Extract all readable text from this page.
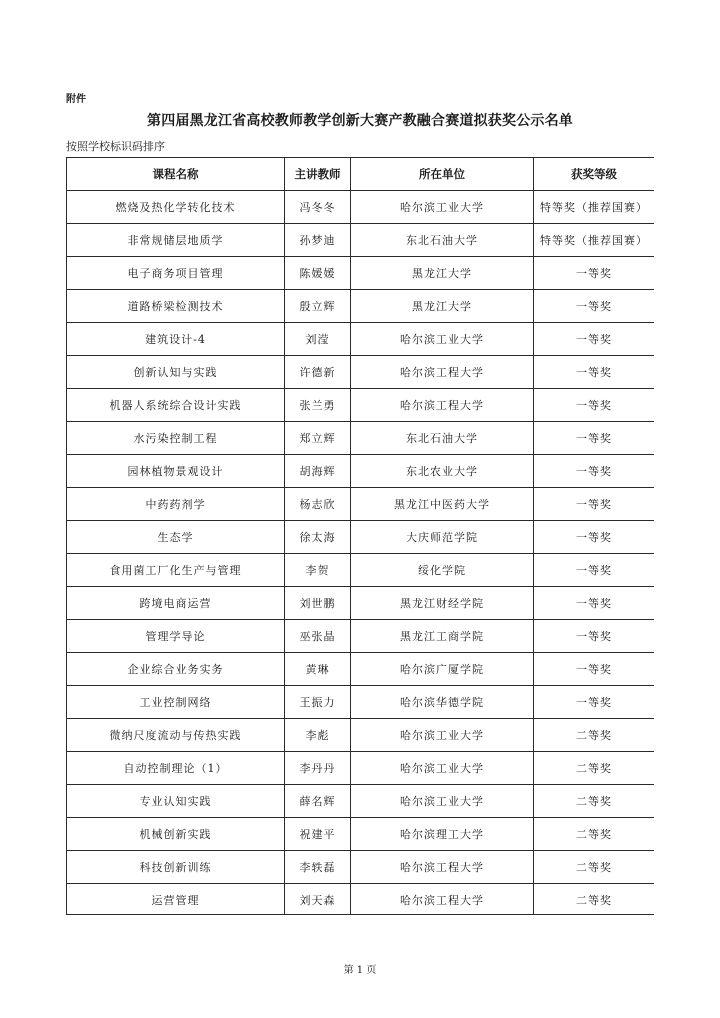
附件
第四届黑龙江省高校教师教学创新大赛产教融合赛道拟获奖公示名单
按照学校标识码排序
课程名称	主讲教师	所在单位	获奖等级
燃烧及热化学转化技术	冯冬冬	哈尔滨工业大学	特等奖（推荐国赛）
非常规储层地质学	孙梦迪	东北石油大学	特等奖（推荐国赛）
电子商务项目管理	陈媛媛	黑龙江大学	一等奖
道路桥梁检测技术	殷立辉	黑龙江大学	一等奖
建筑设计-4	刘滢	哈尔滨工业大学	一等奖
创新认知与实践	许德新	哈尔滨工程大学	一等奖
机器人系统综合设计实践	张兰勇	哈尔滨工程大学	一等奖
水污染控制工程	郑立辉	东北石油大学	一等奖
园林植物景观设计	胡海辉	东北农业大学	一等奖
中药药剂学	杨志欣	黑龙江中医药大学	一等奖
生态学	徐太海	大庆师范学院	一等奖
食用菌工厂化生产与管理	李贺	绥化学院	一等奖
跨境电商运营	刘世鹏	黑龙江财经学院	一等奖
管理学导论	巫张晶	黑龙江工商学院	一等奖
企业综合业务实务	黄琳	哈尔滨广厦学院	一等奖
工业控制网络	王振力	哈尔滨华德学院	一等奖
微纳尺度流动与传热实践	李彪	哈尔滨工业大学	二等奖
自动控制理论（1）	李丹丹	哈尔滨工业大学	二等奖
专业认知实践	薛名辉	哈尔滨工业大学	二等奖
机械创新实践	祝建平	哈尔滨理工大学	二等奖
科技创新训练	李轶磊	哈尔滨工程大学	二等奖
运营管理	刘天森	哈尔滨工程大学	二等奖
第 1 页
